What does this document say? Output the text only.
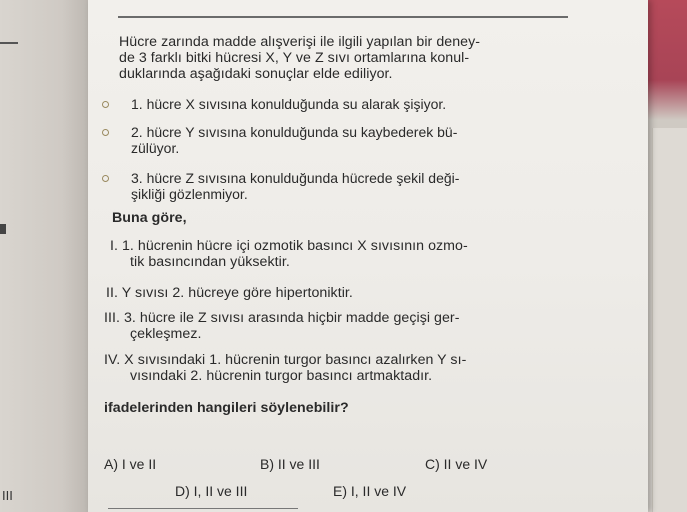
III
Hücre zarında madde alışverişi ile ilgili yapılan bir deney-
de 3 farklı bitki hücresi X, Y ve Z sıvı ortamlarına konul-
duklarında aşağıdaki sonuçlar elde ediliyor.
1. hücre X sıvısına konulduğunda su alarak şişiyor.
2. hücre Y sıvısına konulduğunda su kaybederek bü-
zülüyor.
3. hücre Z sıvısına konulduğunda hücrede şekil deği-
şikliği gözlenmiyor.
Buna göre,
I. 1. hücrenin hücre içi ozmotik basıncı X sıvısının ozmo-
tik basıncından yüksektir.
II. Y sıvısı 2. hücreye göre hipertoniktir.
III. 3. hücre ile Z sıvısı arasında hiçbir madde geçişi ger-
çekleşmez.
IV. X sıvısındaki 1. hücrenin turgor basıncı azalırken Y sı-
vısındaki 2. hücrenin turgor basıncı artmaktadır.
ifadelerinden hangileri söylenebilir?
A) I ve II	B) II ve III	C) II ve IV
D) I, II ve III	E) I, II ve IV
